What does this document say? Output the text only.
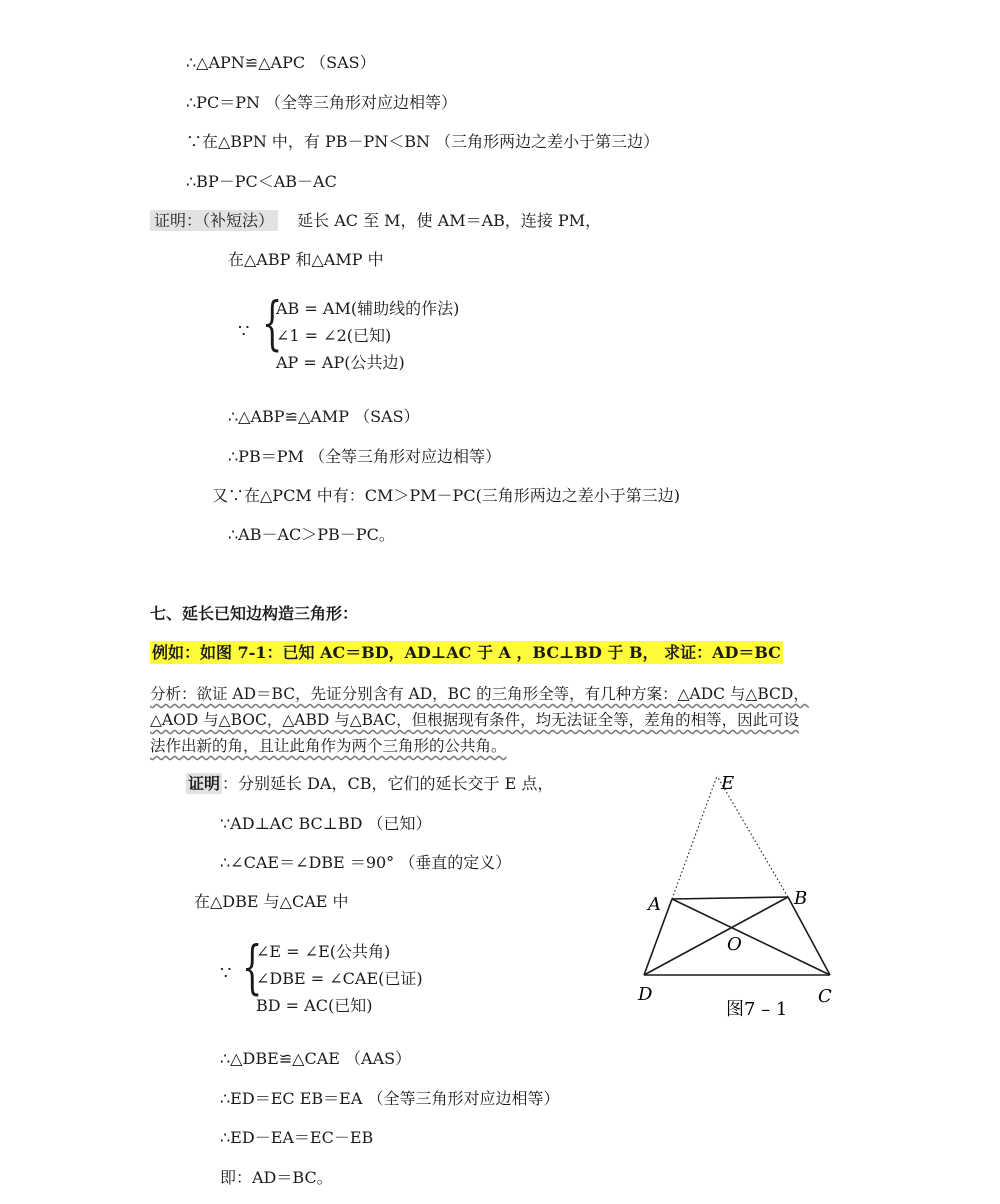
∴△APN≌△APC （SAS）
∴PC＝PN （全等三角形对应边相等）
∵在△BPN 中，有 PB－PN＜BN （三角形两边之差小于第三边）
∴BP－PC＜AB－AC
证明：（补短法） 延长 AC 至 M，使 AM＝AB，连接 PM，
在△ABP 和△AMP 中
∵ {
AB = AM(辅助线的作法)
∠1 = ∠2(已知)
AP = AP(公共边)
∴△ABP≌△AMP （SAS）
∴PB＝PM （全等三角形对应边相等）
又∵在△PCM 中有：CM＞PM－PC(三角形两边之差小于第三边)
∴AB－AC＞PB－PC。
七、延长已知边构造三角形：
例如：如图 7-1：已知 AC＝BD，AD⊥AC 于 A ，BC⊥BD 于 B， 求证：AD＝BC
分析：欲证 AD＝BC，先证分别含有 AD，BC 的三角形全等，有几种方案：△ADC 与△BCD，
△AOD 与△BOC，△ABD 与△BAC，但根据现有条件，均无法证全等，差角的相等，因此可设
法作出新的角，且让此角作为两个三角形的公共角。
证明 ：分别延长 DA，CB，它们的延长交于 E 点，
∵AD⊥AC BC⊥BD （已知）
∴∠CAE＝∠DBE ＝90° （垂直的定义）
在△DBE 与△CAE 中
∵ {
∠E = ∠E(公共角)
∠DBE = ∠CAE(已证)
BD = AC(已知)
∴△DBE≌△CAE （AAS）
∴ED＝EC EB＝EA （全等三角形对应边相等）
∴ED－EA＝EC－EB
即：AD＝BC。
E
A	B
O
D	C
图7 – 1
